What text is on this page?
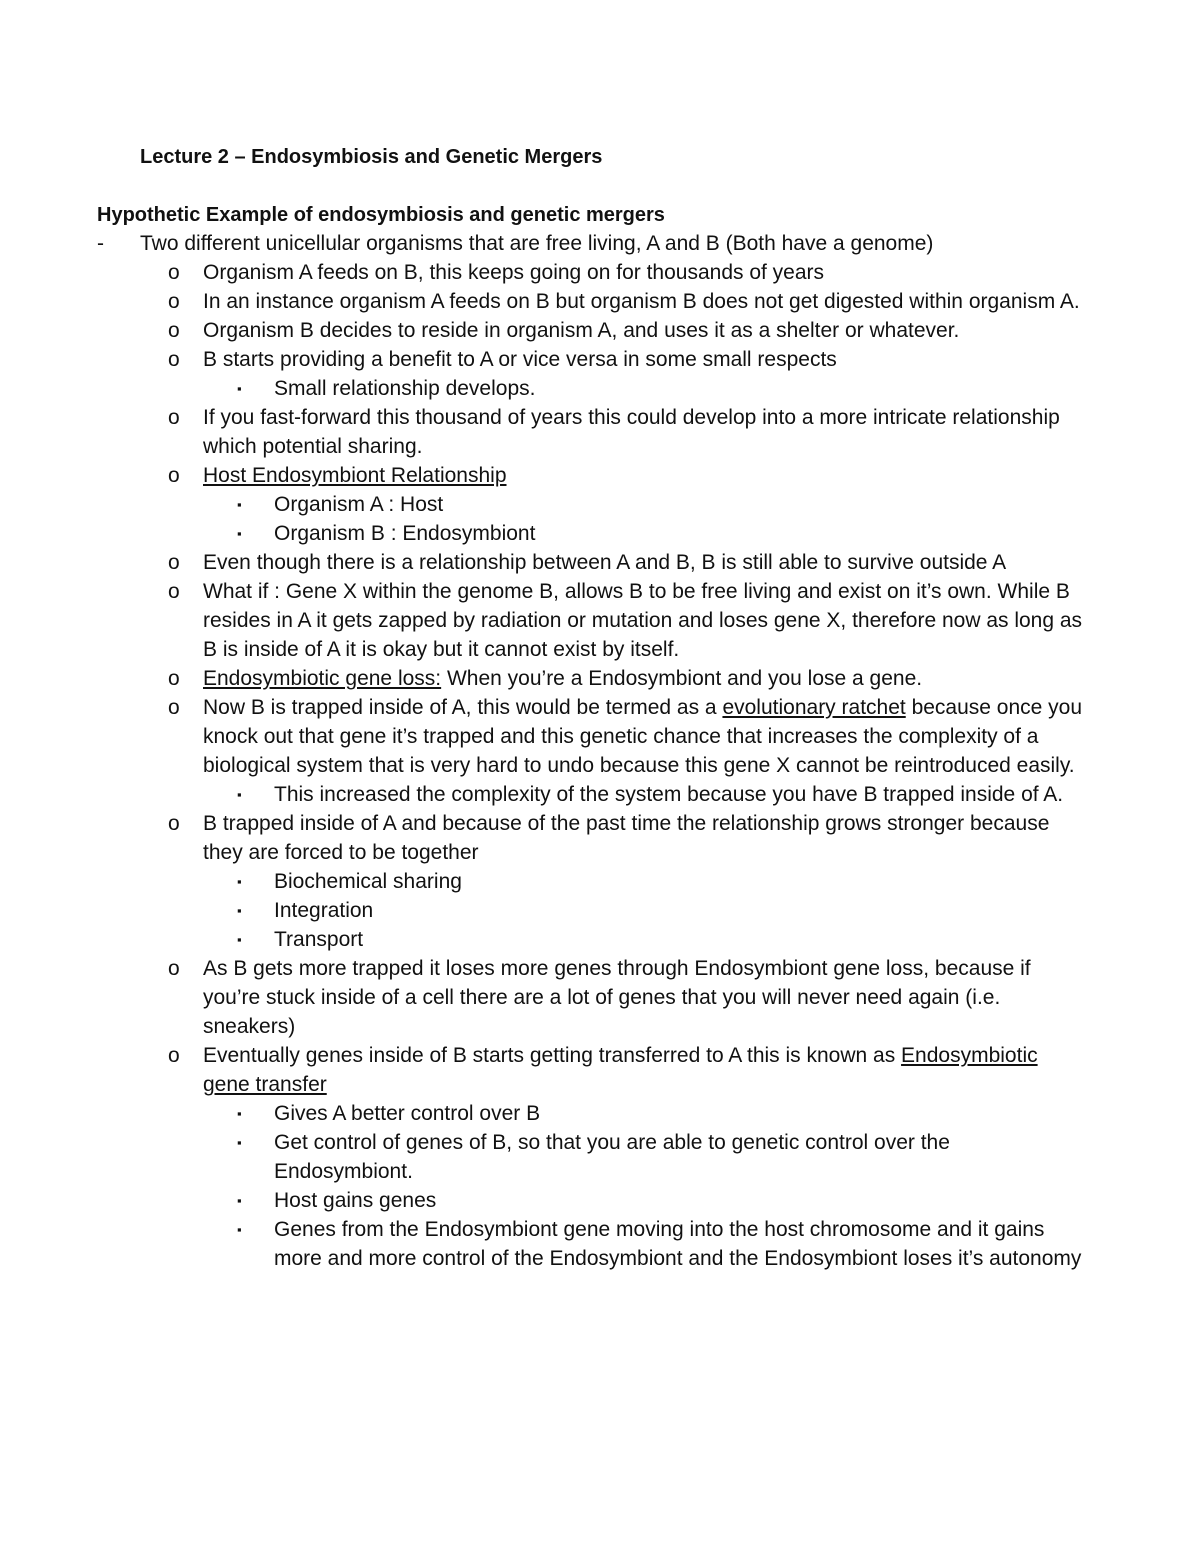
Lecture 2 – Endosymbiosis and Genetic Mergers
Hypothetic Example of endosymbiosis and genetic mergers
- Two different unicellular organisms that are free living, A and B (Both have a genome)
o Organism A feeds on B, this keeps going on for thousands of years
o In an instance organism A feeds on B but organism B does not get digested within organism A.
o Organism B decides to reside in organism A, and uses it as a shelter or whatever.
o B starts providing a benefit to A or vice versa in some small respects
▪ Small relationship develops.
o If you fast-forward this thousand of years this could develop into a more intricate relationship which potential sharing.
o Host Endosymbiont Relationship
▪ Organism A : Host
▪ Organism B : Endosymbiont
o Even though there is a relationship between A and B, B is still able to survive outside A
o What if : Gene X within the genome B, allows B to be free living and exist on it’s own. While B resides in A it gets zapped by radiation or mutation and loses gene X, therefore now as long as B is inside of A it is okay but it cannot exist by itself.
o Endosymbiotic gene loss: When you’re a Endosymbiont and you lose a gene.
o Now B is trapped inside of A, this would be termed as a evolutionary ratchet because once you knock out that gene it’s trapped and this genetic chance that increases the complexity of a biological system that is very hard to undo because this gene X cannot be reintroduced easily.
▪ This increased the complexity of the system because you have B trapped inside of A.
o B trapped inside of A and because of the past time the relationship grows stronger because they are forced to be together
▪ Biochemical sharing
▪ Integration
▪ Transport
o As B gets more trapped it loses more genes through Endosymbiont gene loss, because if you’re stuck inside of a cell there are a lot of genes that you will never need again (i.e. sneakers)
o Eventually genes inside of B starts getting transferred to A this is known as Endosymbiotic gene transfer
▪ Gives A better control over B
▪ Get control of genes of B, so that you are able to genetic control over the Endosymbiont.
▪ Host gains genes
▪ Genes from the Endosymbiont gene moving into the host chromosome and it gains more and more control of the Endosymbiont and the Endosymbiont loses it’s autonomy
